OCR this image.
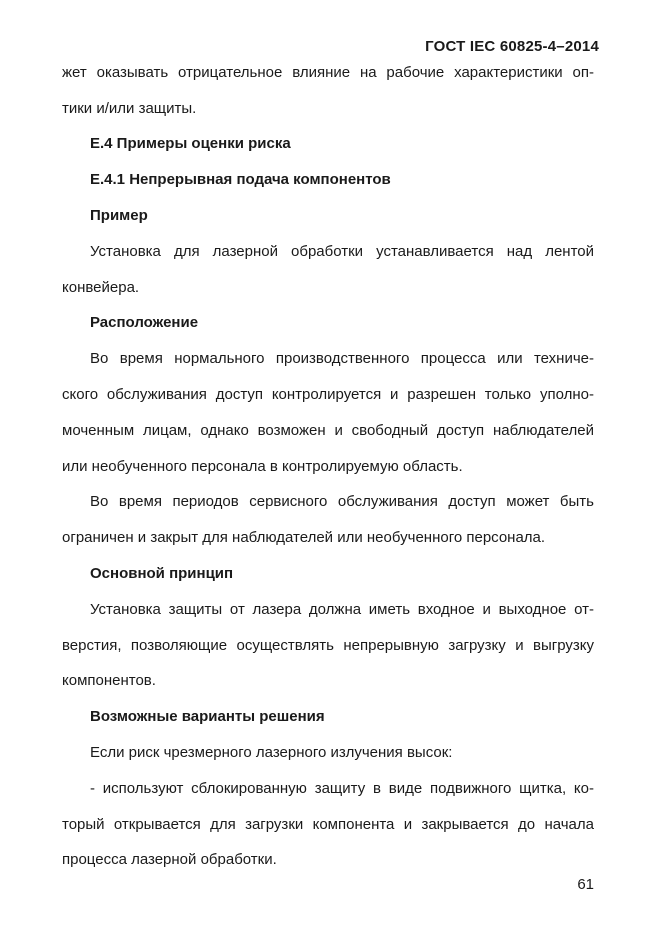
ГОСТ IEC 60825-4–2014
жет оказывать отрицательное влияние на рабочие характеристики оп-
тики и/или защиты.
Е.4 Примеры оценки риска
Е.4.1 Непрерывная подача компонентов
Пример
Установка для лазерной обработки устанавливается над лентой
конвейера.
Расположение
Во время нормального производственного процесса или техниче-
ского обслуживания доступ контролируется и разрешен только уполно-
моченным лицам, однако возможен и свободный доступ наблюдателей
или необученного персонала в контролируемую область.
Во время периодов сервисного обслуживания доступ может быть
ограничен и закрыт для наблюдателей или необученного персонала.
Основной принцип
Установка защиты от лазера должна иметь входное и выходное от-
верстия, позволяющие осуществлять непрерывную загрузку и выгрузку
компонентов.
Возможные варианты решения
Если риск чрезмерного лазерного излучения высок:
- используют сблокированную защиту в виде подвижного щитка, ко-
торый открывается для загрузки компонента и закрывается до начала
процесса лазерной обработки.
61
